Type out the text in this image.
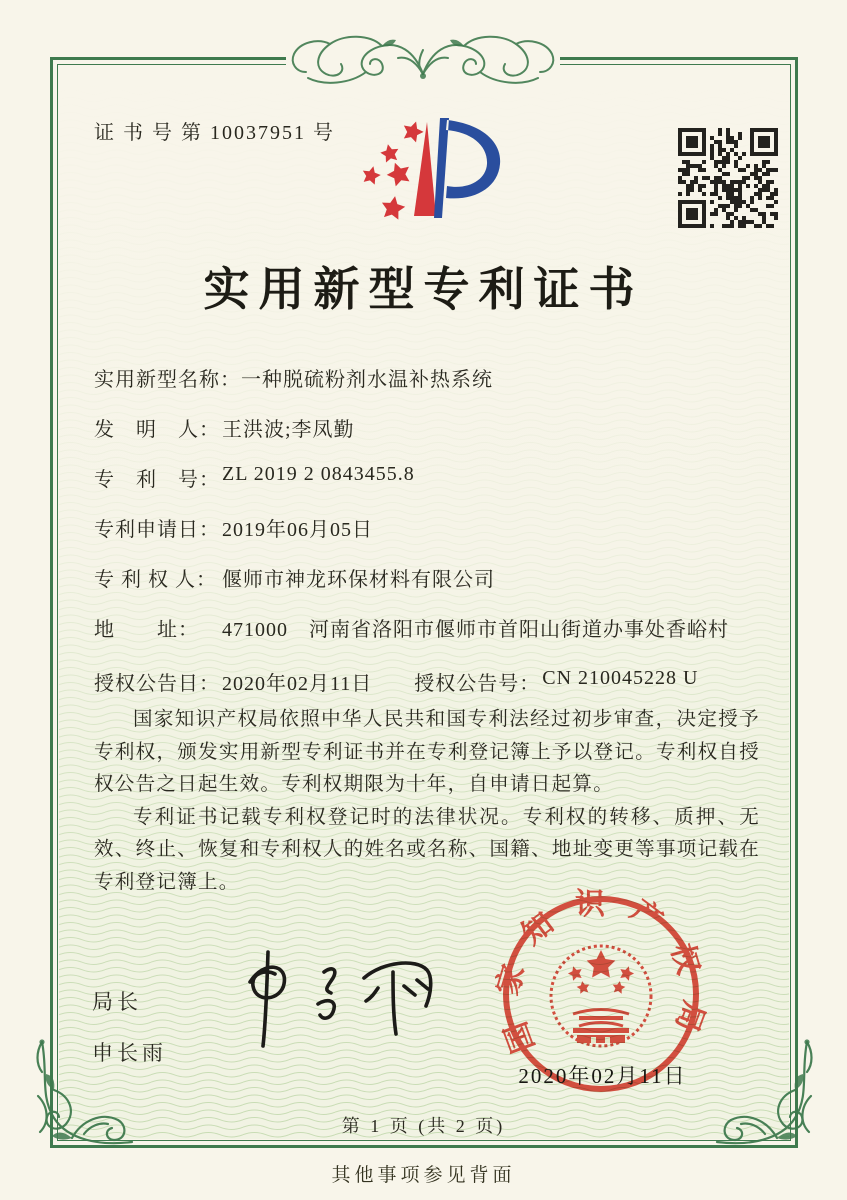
证 书 号 第 10037951 号
实用新型专利证书
实用新型名称： 一种脱硫粉剂水温补热系统
发　明　人： 王洪波;李凤勤
专　利　号： ZL 2019 2 0843455.8
专利申请日： 2019年06月05日
专 利 权 人： 偃师市神龙环保材料有限公司
地　　址：	471000　河南省洛阳市偃师市首阳山街道办事处香峪村
授权公告日： 2020年02月11日 授权公告号： CN 210045228 U

国家知识产权局依照中华人民共和国专利法经过初步审查，决定授予专利权，颁发实用新型专利证书并在专利登记簿上予以登记。专利权自授权公告之日起生效。专利权期限为十年，自申请日起算。

专利证书记载专利权登记时的法律状况。专利权的转移、质押、无效、终止、恢复和专利权人的姓名或名称、国籍、地址变更等事项记载在专利登记簿上。

局长
申长雨	国家知识产权局
2020年02月11日
第 1 页 (共 2 页)
其他事项参见背面
